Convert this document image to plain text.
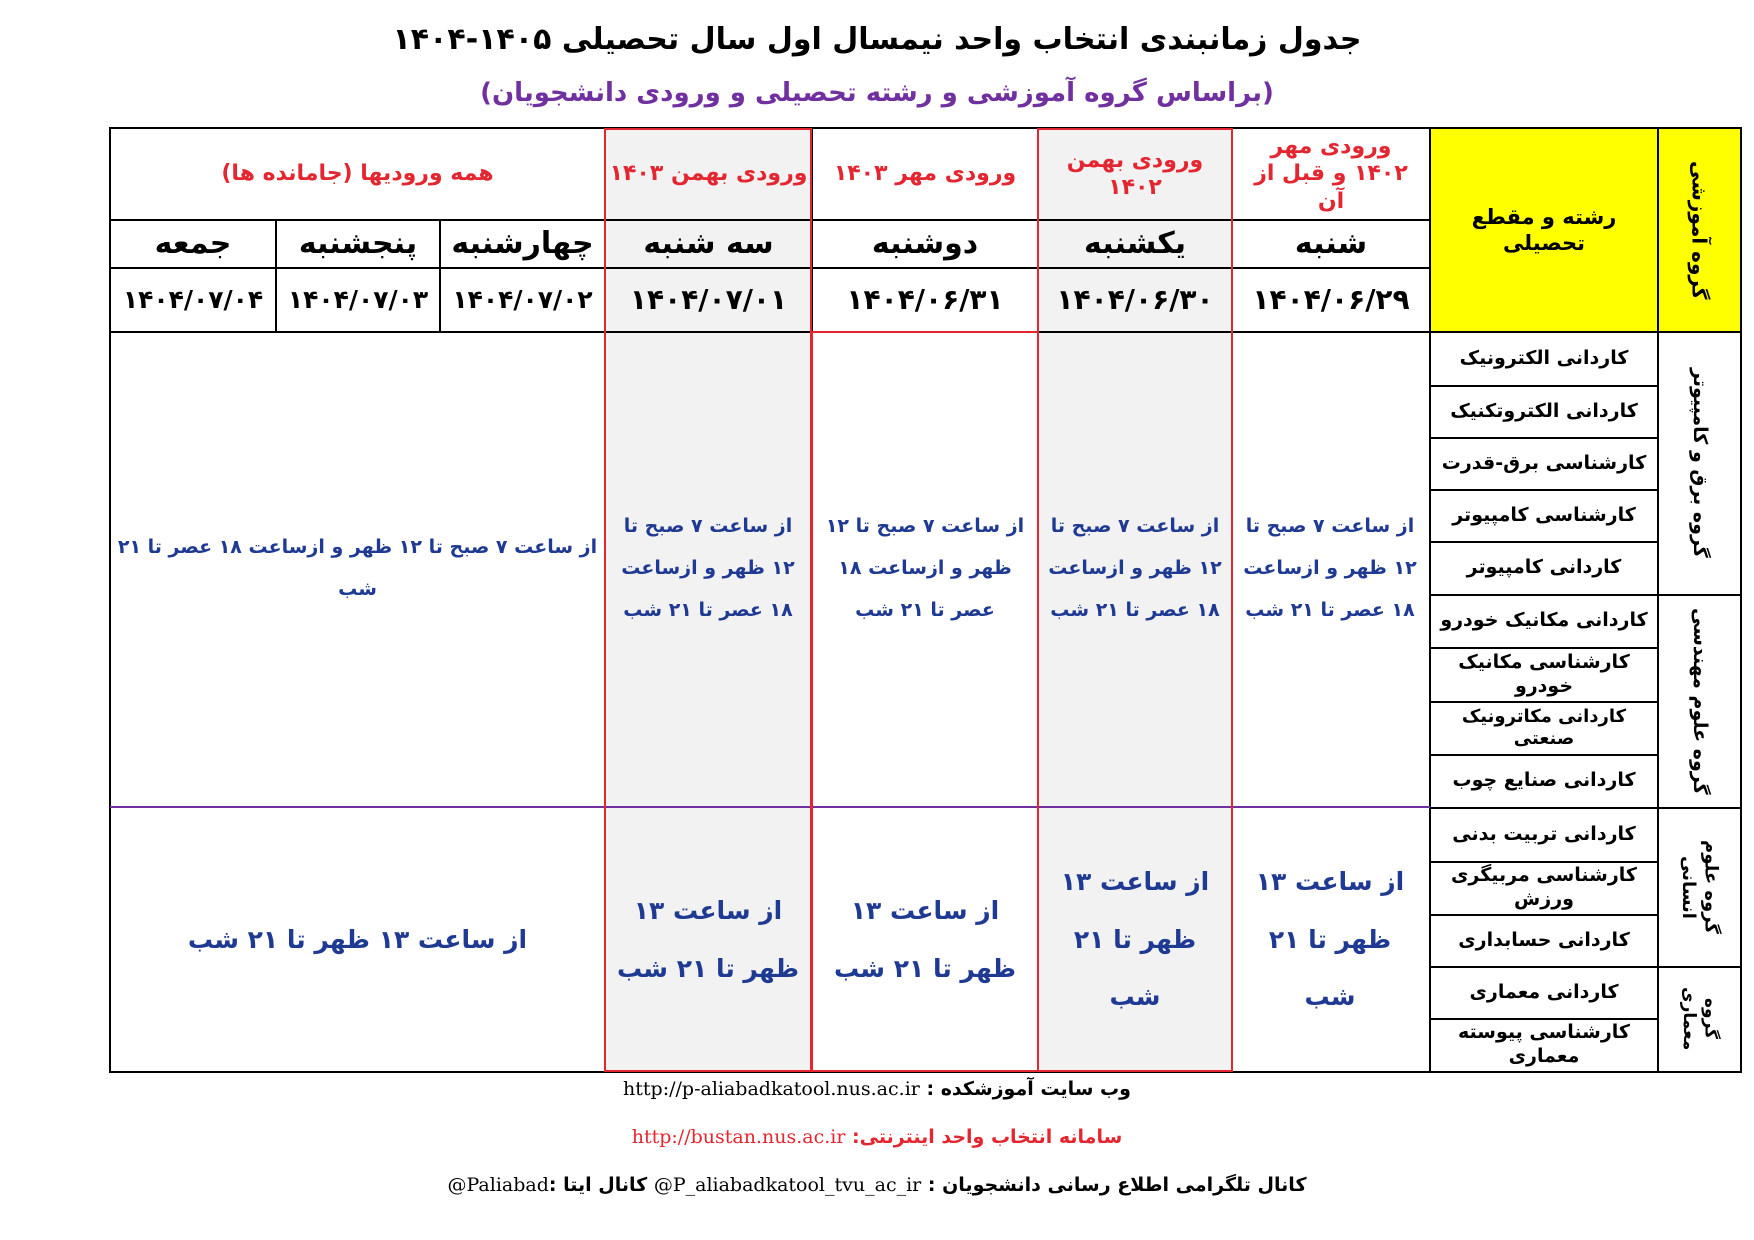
جدول زمانبندی انتخاب واحد نیمسال اول سال تحصیلی ۱۴۰۵-۱۴۰۴
(براساس گروه آموزشی و رشته تحصیلی و ورودی دانشجویان)
گروه آموزشی
رشته و مقطع تحصیلی
ورودی مهر ۱۴۰۲ و قبل از آن
ورودی بهمن ۱۴۰۲
ورودی مهر ۱۴۰۳
ورودی بهمن ۱۴۰۳
همه ورودیها (جامانده ها)
شنبه
یکشنبه
دوشنبه
سه شنبه
چهارشنبه
پنجشنبه
جمعه
۱۴۰۴/۰۶/۲۹
۱۴۰۴/۰۶/۳۰
۱۴۰۴/۰۶/۳۱
۱۴۰۴/۰۷/۰۱
۱۴۰۴/۰۷/۰۲
۱۴۰۴/۰۷/۰۳
۱۴۰۴/۰۷/۰۴
گروه برق و کامپیوتر
گروه علوم مهندسی
گروه علوم انسانی
گروه معماری
کاردانی الکترونیک
کاردانی الکتروتکنیک
کارشناسی برق-قدرت
کارشناسی کامپیوتر
کاردانی کامپیوتر
کاردانی مکانیک خودرو
کارشناسی مکانیک خودرو
کاردانی مکاترونیک صنعتی
کاردانی صنایع چوب
کاردانی تربیت بدنی
کارشناسی مربیگری ورزش
کاردانی حسابداری
کاردانی معماری
کارشناسی پیوسته معماری
از ساعت ۷ صبح تا ۱۲ ظهر و ازساعت ۱۸ عصر تا ۲۱ شب
از ساعت ۷ صبح تا ۱۲ ظهر و ازساعت ۱۸ عصر تا ۲۱ شب
از ساعت ۷ صبح تا ۱۲ ظهر و ازساعت ۱۸ عصر تا ۲۱ شب
از ساعت ۷ صبح تا ۱۲ ظهر و ازساعت ۱۸ عصر تا ۲۱ شب
از ساعت ۷ صبح تا ۱۲ ظهر و ازساعت ۱۸ عصر تا ۲۱ شب
از ساعت ۱۳ ظهر تا ۲۱ شب
از ساعت ۱۳ ظهر تا ۲۱ شب
از ساعت ۱۳ ظهر تا ۲۱ شب
از ساعت ۱۳ ظهر تا ۲۱ شب
از ساعت ۱۳ ظهر تا ۲۱ شب
وب سایت آموزشکده : http://p-aliabadkatool.nus.ac.ir
سامانه انتخاب واحد اینترنتی: http://bustan.nus.ac.ir
کانال تلگرامی اطلاع رسانی دانشجویان : @P_aliabadkatool_tvu_ac_ir کانال ایتا :@Paliabad
